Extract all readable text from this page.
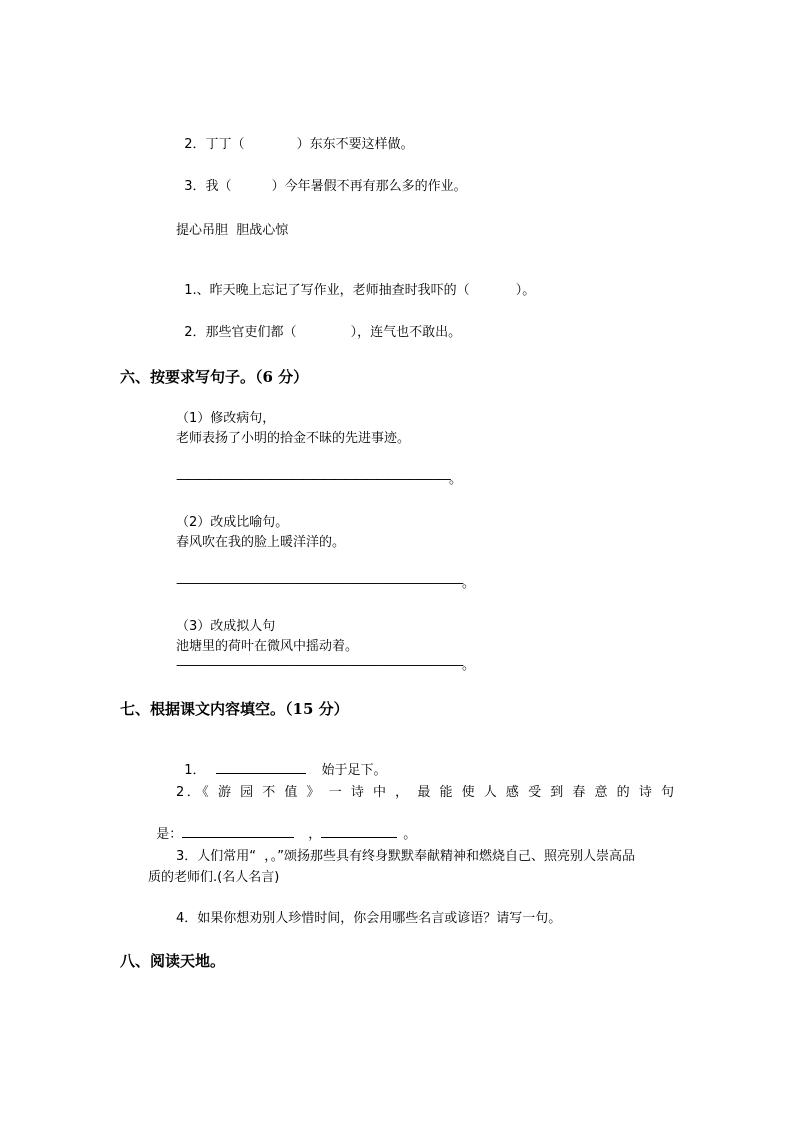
2．丁丁（	）东东不要这样做。

3．我（	）今年暑假不再有那么多的作业。

提心吊胆  胆战心惊

1.、昨天晚上忘记了写作业，老师抽查时我吓的（	）。

2．那些官吏们都（	），连气也不敢出。

六、按要求写句子。（6 分）
（1）修改病句，
老师表扬了小明的拾金不昧的先进事迹。
——————————————————————————。
（2）改成比喻句。
春风吹在我的脸上暖洋洋的。
——————————————————————————。
（3）改成拟人句
池塘里的荷叶在微风中摇动着。
——————————————————————————。
七、根据课文内容填空。（15 分）

1．	始于足下。

2．《 游 园 不 值 》 一 诗 中 ， 最 能 使 人 感 受 到 春 意 的 诗 句

是：	，	。

3．人们常用“  ，。”颂扬那些具有终身默默奉献精神和燃烧自己、照亮别人崇高品
质的老师们.(名人名言)
4．如果你想劝别人珍惜时间，你会用哪些名言或谚语？请写一句。
八、阅读天地。
